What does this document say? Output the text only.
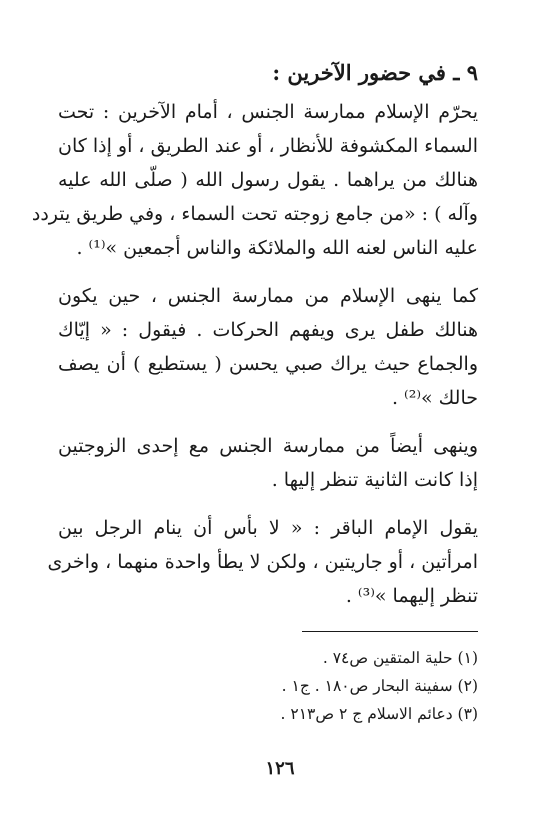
٩ ـ في حضور الآخرين :
يحرّم الإسلام ممارسة الجنس ، أمام الآخرين : تحت
السماء المكشوفة للأنظار ، أو عند الطريق ، أو إذا كان
هنالك من يراهما . يقول رسول الله ( صلّى الله عليه
وآله ) : «من جامع زوجته تحت السماء ، وفي طريق يتردد
عليه الناس لعنه الله والملائكة والناس أجمعين »⁽¹⁾ .
كما ينهى الإسلام من ممارسة الجنس ، حين يكون
هنالك طفل يرى ويفهم الحركات . فيقول : « إيّاك
والجماع حيث يراك صبي يحسن ( يستطيع ) أن يصف
حالك »⁽²⁾ .
وينهى أيضاً من ممارسة الجنس مع إحدى الزوجتين
إذا كانت الثانية تنظر إليها .
يقول الإمام الباقر : « لا بأس أن ينام الرجل بين
امرأتين ، أو جاريتين ، ولكن لا يطأ واحدة منهما ، واخرى
تنظر إليهما »⁽³⁾ .
(١) حلية المتقين ص٧٤ .
(٢) سفينة البحار ص١٨٠ . ج١ .
(٣) دعائم الاسلام ج ٢ ص٢١٣ .
١٢٦
